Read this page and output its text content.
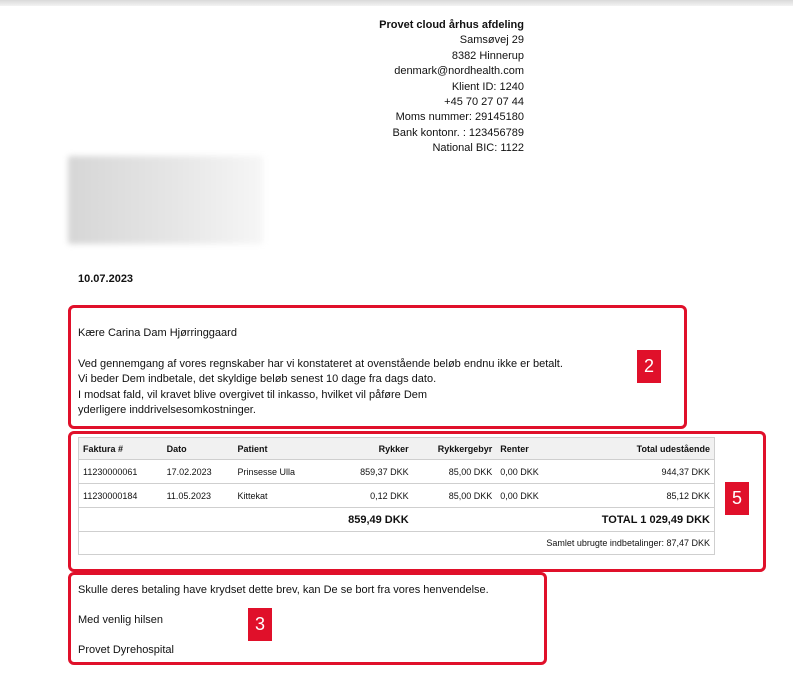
Provet cloud århus afdeling
Samsøvej 29
8382 Hinnerup
denmark@nordhealth.com
Klient ID: 1240
+45 70 27 07 44
Moms nummer: 29145180
Bank kontonr. : 123456789
National BIC: 1122
10.07.2023
Kære Carina Dam Hjørringgaard
Ved gennemgang af vores regnskaber har vi konstateret at ovenstående beløb endnu ikke er betalt.
Vi beder Dem indbetale, det skyldige beløb senest 10 dage fra dags dato.
I modsat fald, vil kravet blive overgivet til inkasso, hvilket vil påføre Dem
yderligere inddrivelsesomkostninger.
Faktura #	Dato	Patient	Rykker	Rykkergebyr	Renter	Total udestående
11230000061	17.02.2023	Prinsesse Ulla	859,37 DKK	85,00 DKK	0,00 DKK	944,37 DKK
11230000184	11.05.2023	Kittekat	0,12 DKK	85,00 DKK	0,00 DKK	85,12 DKK
			859,49 DKK			TOTAL 1 029,49 DKK
Samlet ubrugte indbetalinger: 87,47 DKK						

Skulle deres betaling have krydset dette brev, kan De se bort fra vores henvendelse.

Med venlig hilsen

Provet Dyrehospital

2
5
3
